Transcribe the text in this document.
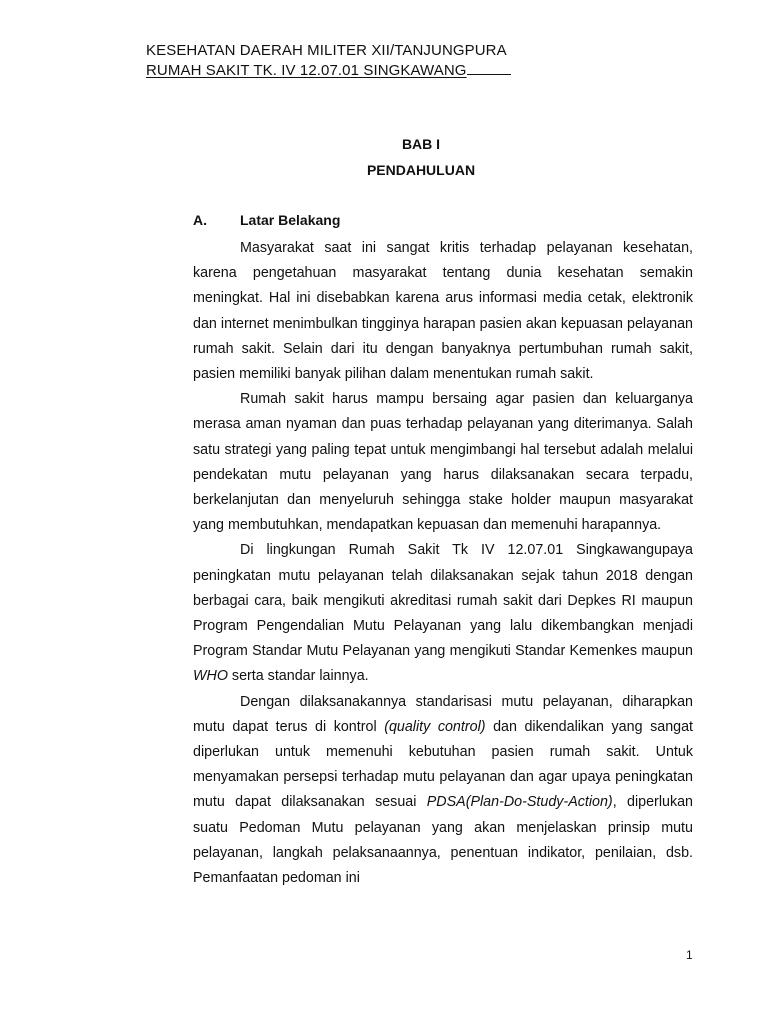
KESEHATAN DAERAH MILITER XII/TANJUNGPURA
RUMAH SAKIT TK. IV 12.07.01 SINGKAWANG
BAB I
PENDAHULUAN
A. Latar Belakang

Masyarakat saat ini sangat kritis terhadap pelayanan kesehatan, karena pengetahuan masyarakat tentang dunia kesehatan semakin meningkat. Hal ini disebabkan karena arus informasi media cetak, elektronik dan internet menimbulkan tingginya harapan pasien akan kepuasan pelayanan rumah sakit. Selain dari itu dengan banyaknya pertumbuhan rumah sakit, pasien memiliki banyak pilihan dalam menentukan rumah sakit.

Rumah sakit harus mampu bersaing agar pasien dan keluarganya merasa aman nyaman dan puas terhadap pelayanan yang diterimanya. Salah satu strategi yang paling tepat untuk mengimbangi hal tersebut adalah melalui pendekatan mutu pelayanan yang harus dilaksanakan secara terpadu, berkelanjutan dan menyeluruh sehingga stake holder maupun masyarakat yang membutuhkan, mendapatkan kepuasan dan memenuhi harapannya.

Di lingkungan Rumah Sakit Tk IV 12.07.01 Singkawangupaya peningkatan mutu pelayanan telah dilaksanakan sejak tahun 2018 dengan berbagai cara, baik mengikuti akreditasi rumah sakit dari Depkes RI maupun Program Pengendalian Mutu Pelayanan yang lalu dikembangkan menjadi Program Standar Mutu Pelayanan yang mengikuti Standar Kemenkes maupun WHO serta standar lainnya.

Dengan dilaksanakannya standarisasi mutu pelayanan, diharapkan mutu dapat terus di kontrol (quality control) dan dikendalikan yang sangat diperlukan untuk memenuhi kebutuhan pasien rumah sakit. Untuk menyamakan persepsi terhadap mutu pelayanan dan agar upaya peningkatan mutu dapat dilaksanakan sesuai PDSA(Plan-Do-Study-Action), diperlukan suatu Pedoman Mutu pelayanan yang akan menjelaskan prinsip mutu pelayanan, langkah pelaksanaannya, penentuan indikator, penilaian, dsb. Pemanfaatan pedoman ini

1
